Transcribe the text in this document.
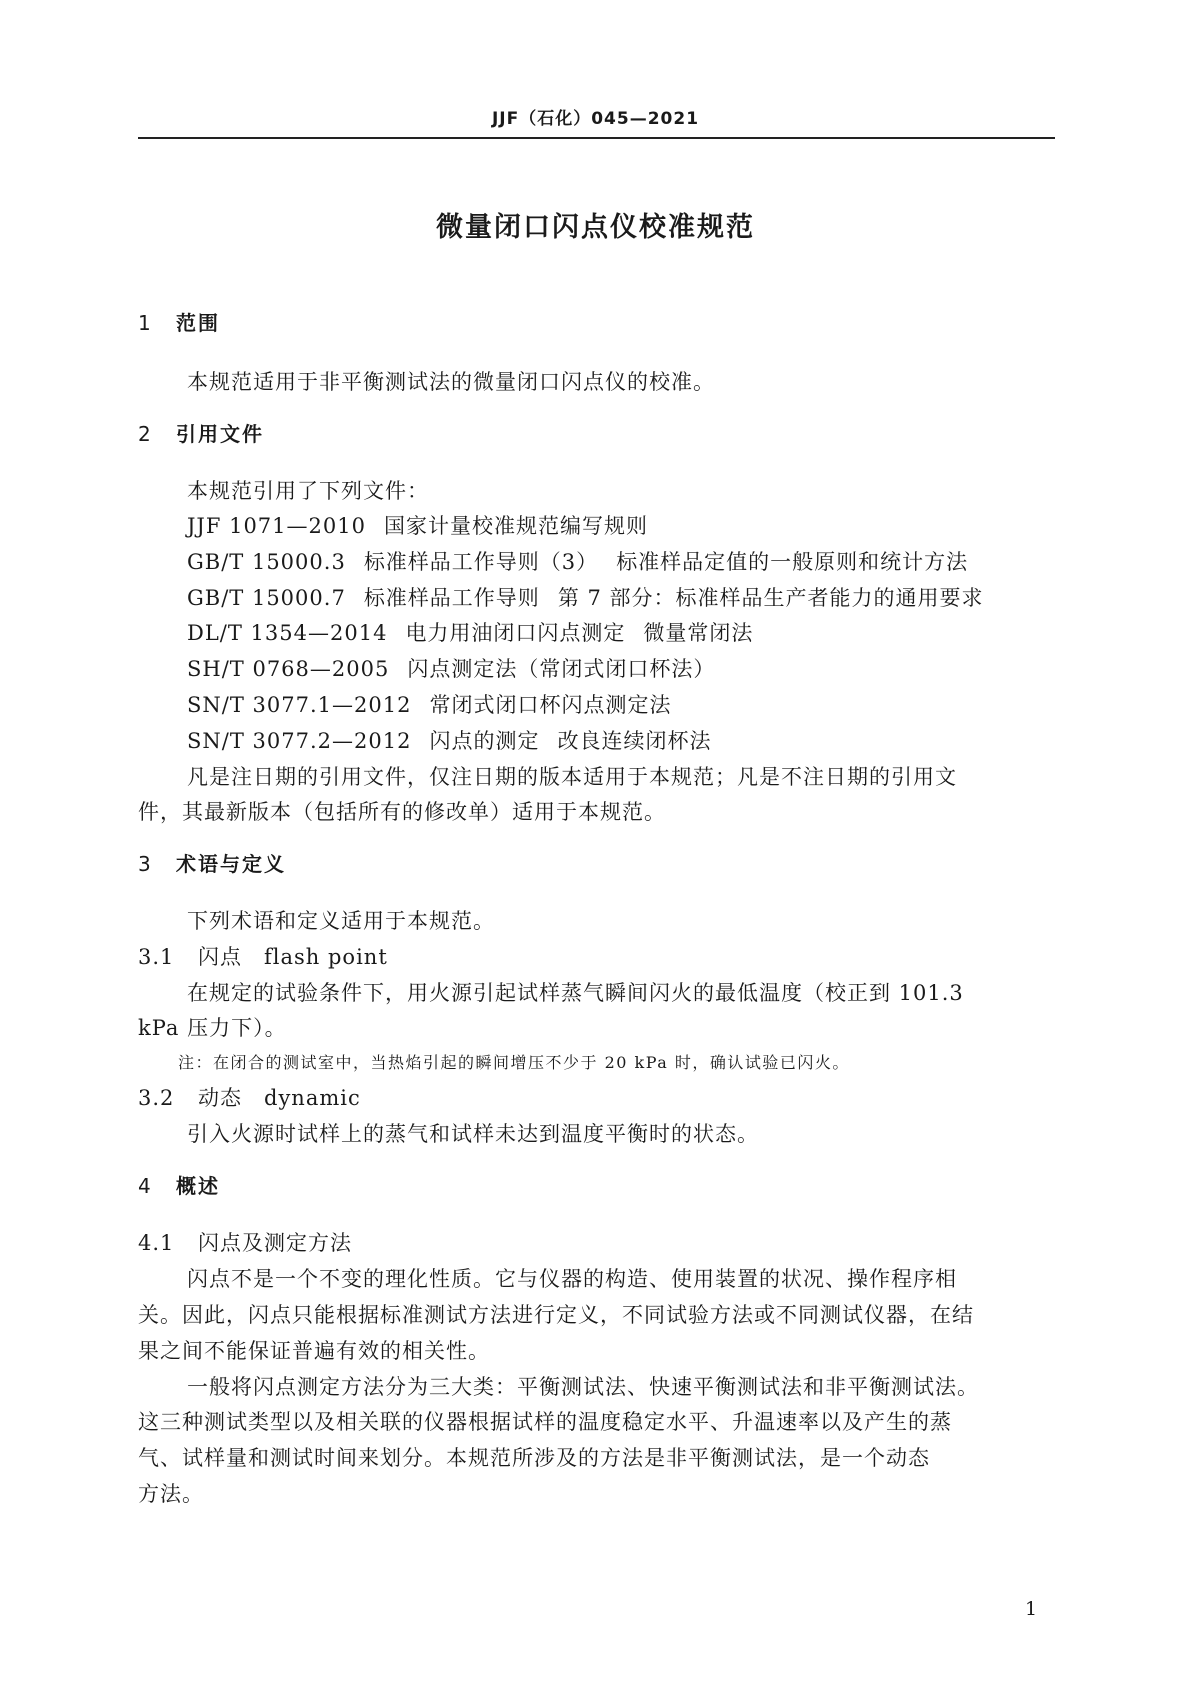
JJF（石化）045—2021
微量闭口闪点仪校准规范
1 范围
本规范适用于非平衡测试法的微量闭口闪点仪的校准。
2 引用文件
本规范引用了下列文件：
JJF 1071—2010 国家计量校准规范编写规则
GB/T 15000.3 标准样品工作导则（3） 标准样品定值的一般原则和统计方法
GB/T 15000.7 标准样品工作导则 第 7 部分：标准样品生产者能力的通用要求
DL/T 1354—2014 电力用油闭口闪点测定 微量常闭法
SH/T 0768—2005 闪点测定法（常闭式闭口杯法）
SN/T 3077.1—2012 常闭式闭口杯闪点测定法
SN/T 3077.2—2012 闪点的测定 改良连续闭杯法
凡是注日期的引用文件，仅注日期的版本适用于本规范；凡是不注日期的引用文
件，其最新版本（包括所有的修改单）适用于本规范。
3 术语与定义
下列术语和定义适用于本规范。
3.1 闪点 flash point
在规定的试验条件下，用火源引起试样蒸气瞬间闪火的最低温度（校正到 101.3
kPa 压力下）。
注：在闭合的测试室中，当热焰引起的瞬间增压不少于 20 kPa 时，确认试验已闪火。
3.2 动态 dynamic
引入火源时试样上的蒸气和试样未达到温度平衡时的状态。
4 概述
4.1 闪点及测定方法
闪点不是一个不变的理化性质。它与仪器的构造、使用装置的状况、操作程序相
关。因此，闪点只能根据标准测试方法进行定义，不同试验方法或不同测试仪器，在结
果之间不能保证普遍有效的相关性。
一般将闪点测定方法分为三大类：平衡测试法、快速平衡测试法和非平衡测试法。
这三种测试类型以及相关联的仪器根据试样的温度稳定水平、升温速率以及产生的蒸
气、试样量和测试时间来划分。本规范所涉及的方法是非平衡测试法，是一个动态
方法。
1
